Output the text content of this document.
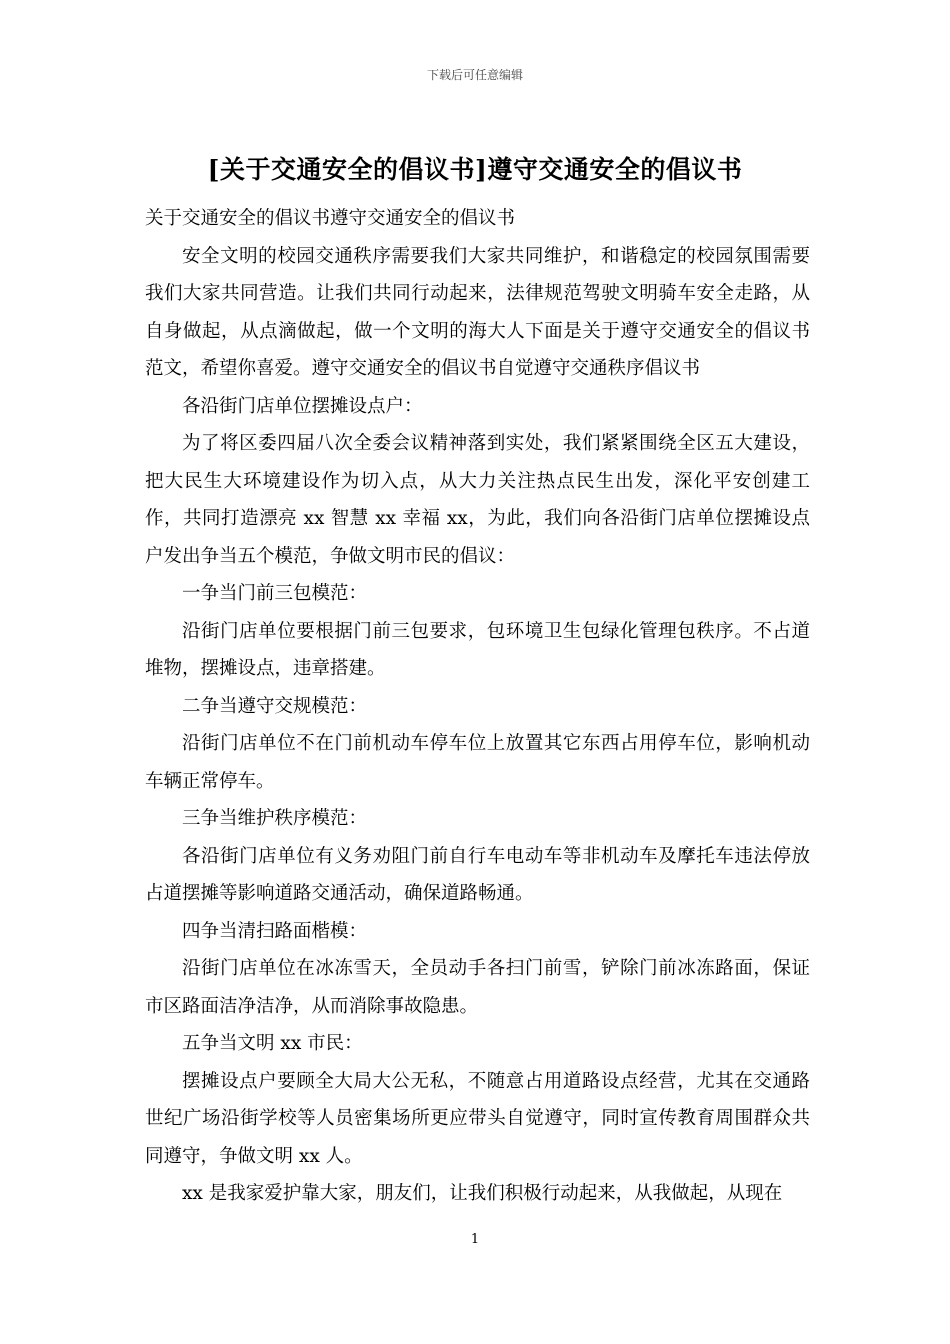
下载后可任意编辑
[关于交通安全的倡议书]遵守交通安全的倡议书

关于交通安全的倡议书遵守交通安全的倡议书

安全文明的校园交通秩序需要我们大家共同维护，和谐稳定的校园氛围需要我们大家共同营造。让我们共同行动起来，法律规范驾驶文明骑车安全走路，从自身做起，从点滴做起，做一个文明的海大人下面是关于遵守交通安全的倡议书范文，希望你喜爱。遵守交通安全的倡议书自觉遵守交通秩序倡议书

各沿街门店单位摆摊设点户：

为了将区委四届八次全委会议精神落到实处，我们紧紧围绕全区五大建设，把大民生大环境建设作为切入点，从大力关注热点民生出发，深化平安创建工作，共同打造漂亮 xx 智慧 xx 幸福 xx，为此，我们向各沿街门店单位摆摊设点户发出争当五个模范，争做文明市民的倡议：

一争当门前三包模范：

沿街门店单位要根据门前三包要求，包环境卫生包绿化管理包秩序。不占道堆物，摆摊设点，违章搭建。

二争当遵守交规模范：

沿街门店单位不在门前机动车停车位上放置其它东西占用停车位，影响机动车辆正常停车。

三争当维护秩序模范：

各沿街门店单位有义务劝阻门前自行车电动车等非机动车及摩托车违法停放占道摆摊等影响道路交通活动，确保道路畅通。

四争当清扫路面楷模：

沿街门店单位在冰冻雪天，全员动手各扫门前雪，铲除门前冰冻路面，保证市区路面洁净洁净，从而消除事故隐患。

五争当文明 xx 市民：

摆摊设点户要顾全大局大公无私，不随意占用道路设点经营，尤其在交通路世纪广场沿街学校等人员密集场所更应带头自觉遵守，同时宣传教育周围群众共同遵守，争做文明 xx 人。

xx 是我家爱护靠大家，朋友们，让我们积极行动起来，从我做起，从现在

1
